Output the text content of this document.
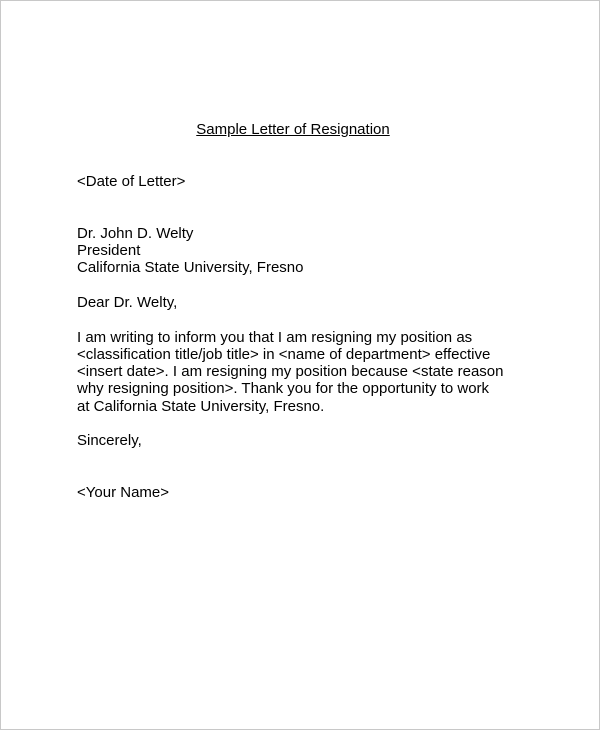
Sample Letter of Resignation
<Date of Letter>
Dr. John D. Welty
President
California State University, Fresno
Dear Dr. Welty,
I am writing to inform you that I am resigning my position as
<classification title/job title> in <name of department> effective
<insert date>. I am resigning my position because <state reason
why resigning position>. Thank you for the opportunity to work
at California State University, Fresno.
Sincerely,
<Your Name>
